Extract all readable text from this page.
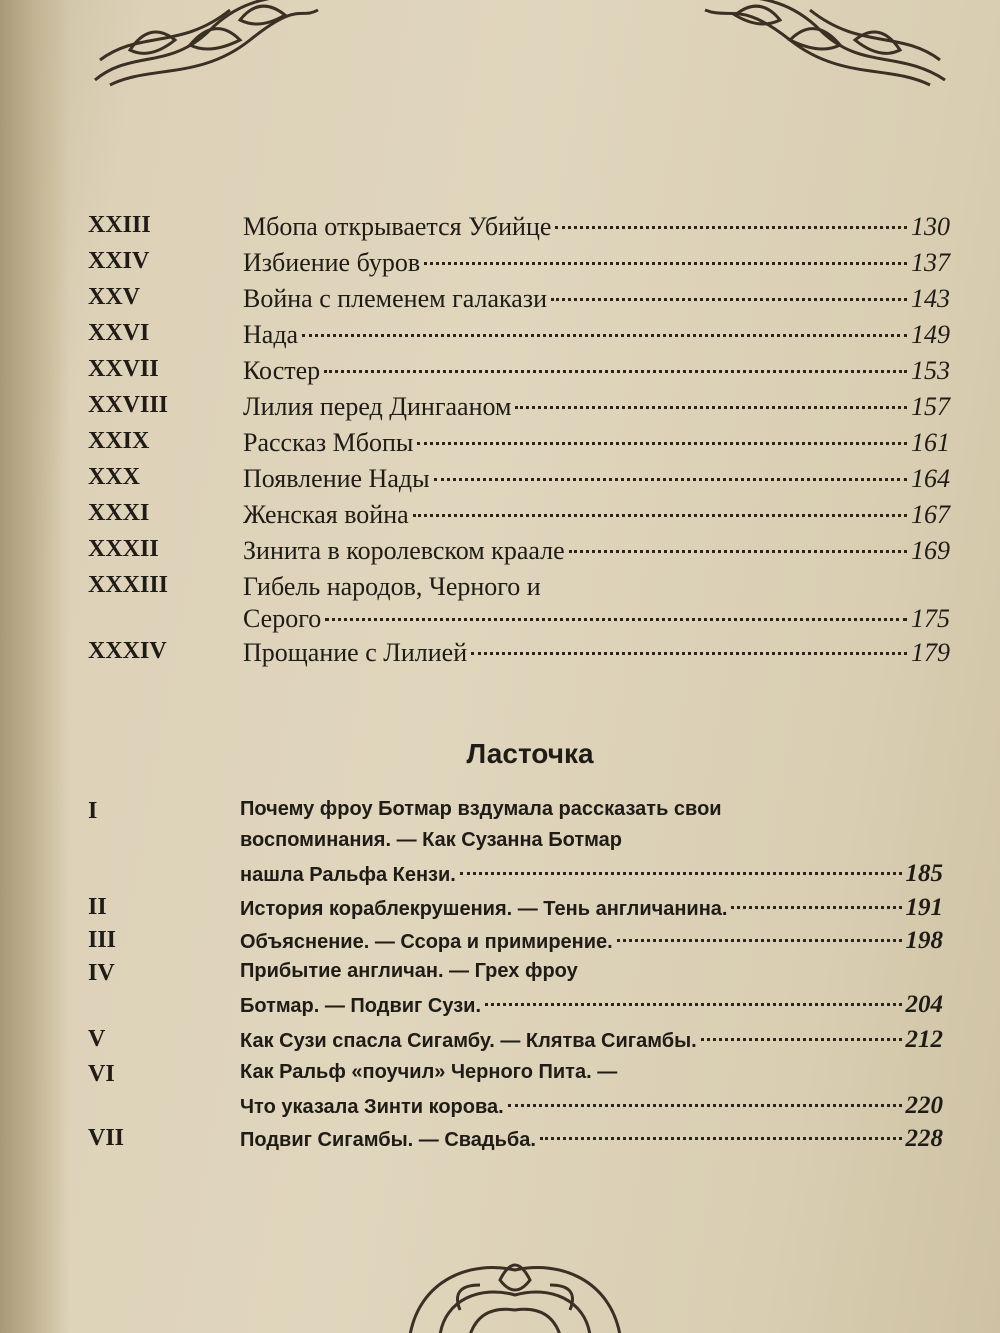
XXIII	Мбопа открывается Убийце	130
XXIV	Избиение буров	137
XXV	Война с племенем галакази	143
XXVI	Нада	149
XXVII	Костер	153
XXVIII	Лилия перед Дингааном	157
XXIX	Рассказ Мбопы	161
XXX	Появление Нады	164
XXXI	Женская война	167
XXXII	Зинита в королевском краале	169
XXXIII	Гибель народов, Черного и
Серого	175
XXXIV	Прощание с Лилией	179
Ласточка
I	Почему фроу Ботмар вздумала рассказать свои
воспоминания. — Как Сузанна Ботмар
нашла Ральфа Кензи.	185
II	История кораблекрушения. — Тень англичанина.	191
III	Объяснение. — Ссора и примирение.	198
IV	Прибытие англичан. — Грех фроу
Ботмар. — Подвиг Сузи.	204
V	Как Сузи спасла Сигамбу. — Клятва Сигамбы.	212
VI	Как Ральф «поучил» Черного Пита. —
Что указала Зинти корова.	220
VII	Подвиг Сигамбы. — Свадьба.	228
